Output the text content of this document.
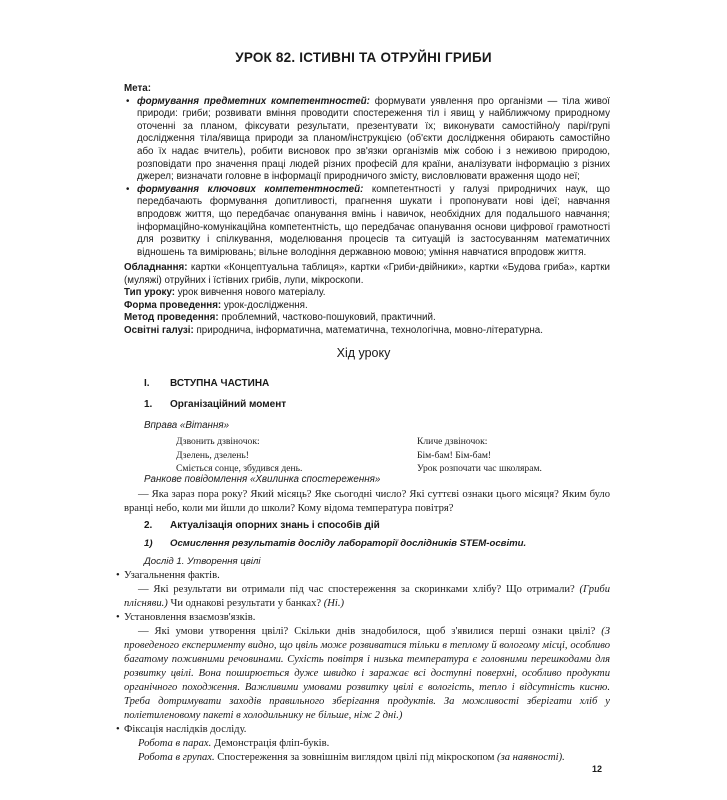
УРОК 82. ІСТИВНІ ТА ОТРУЙНІ ГРИБИ
Мета:
• формування предметних компетентностей: формувати уявлення про організми — тіла живої природи: гриби; розвивати вміння проводити спостереження тіл і явищ у найближчому природному оточенні за планом, фіксувати результати, презентувати їх; виконувати самостійно/у парі/групі дослідження тіла/явища природи за планом/інструкцією (об'єкти дослідження обирають самостійно або їх надає вчитель), робити висновок про зв'язки організмів між собою і з неживою природою, розповідати про значення праці людей різних професій для країни, аналізувати інформацію з різних джерел; визначати головне в інформації природничого змісту, висловлювати враження щодо неї;
• формування ключових компетентностей: компетентності у галузі природничих наук, що передбачають формування допитливості, прагнення шукати і пропонувати нові ідеї; навчання впродовж життя, що передбачає опанування вмінь і навичок, необхідних для подальшого навчання; інформаційно-комунікаційна компетентність, що передбачає опанування основи цифрової грамотності для розвитку і спілкування, моделювання процесів та ситуацій із застосуванням математичних відношень та вимірювань; вільне володіння державною мовою; уміння навчатися впродовж життя.

Обладнання: картки «Концептуальна таблиця», картки «Гриби-двійники», картки «Будова гриба», картки (муляжі) отруйних і їстівних грибів, лупи, мікроскопи.

Тип уроку: урок вивчення нового матеріалу.

Форма проведення: урок-дослідження.

Метод проведення: проблемний, частково-пошуковий, практичний.

Освітні галузі: природнича, інформатична, математична, технологічна, мовно-літературна.

Хід уроку
I. ВСТУПНА ЧАСТИНА
1. Організаційний момент
Вправа «Вітання»
Дзвонить дзвіночок:
Дзелень, дзелень!
Сміється сонце, збудився день.
Кличе дзвіночок:
Бім-бам! Бім-бам!
Урок розпочати час школярам.
Ранкове повідомлення «Хвилинка спостереження»

— Яка зараз пора року? Який місяць? Яке сьогодні число? Які суттєві ознаки цього місяця? Яким було вранці небо, коли ми йшли до школи? Кому відома температура повітря?

2. Актуалізація опорних знань і способів дій
1) Осмислення результатів досліду лабораторії дослідників STEM-освіти.
Дослід 1. Утворення цвілі

• Узагальнення фактів.

— Які результати ви отримали під час спостереження за скоринками хлібу? Що отримали? (Гриби плісняви.) Чи однакові результати у банках? (Ні.)

• Установлення взаємозв'язків.

— Які умови утворення цвілі? Скільки днів знадобилося, щоб з'явилися перші ознаки цвілі? (З проведеного експерименту видно, що цвіль може розвиватися тільки в теплому й вологому місці, особливо багатому поживними речовинами. Сухість повітря і низька температура є головними перешкодами для розвитку цвілі. Вона поширюється дуже швидко і заражає всі доступні поверхні, особливо продукти органічного походження. Важливими умовами розвитку цвілі є вологість, тепло і відсутність кисню. Треба дотримувати заходів правильного зберігання продуктів. За можливості зберігати хліб у поліетиленовому пакеті в холодильнику не більше, ніж 2 дні.)

• Фіксація наслідків досліду.

Робота в парах. Демонстрація фліп-буків.

Робота в групах. Спостереження за зовнішнім виглядом цвілі під мікроскопом (за наявності).

12
